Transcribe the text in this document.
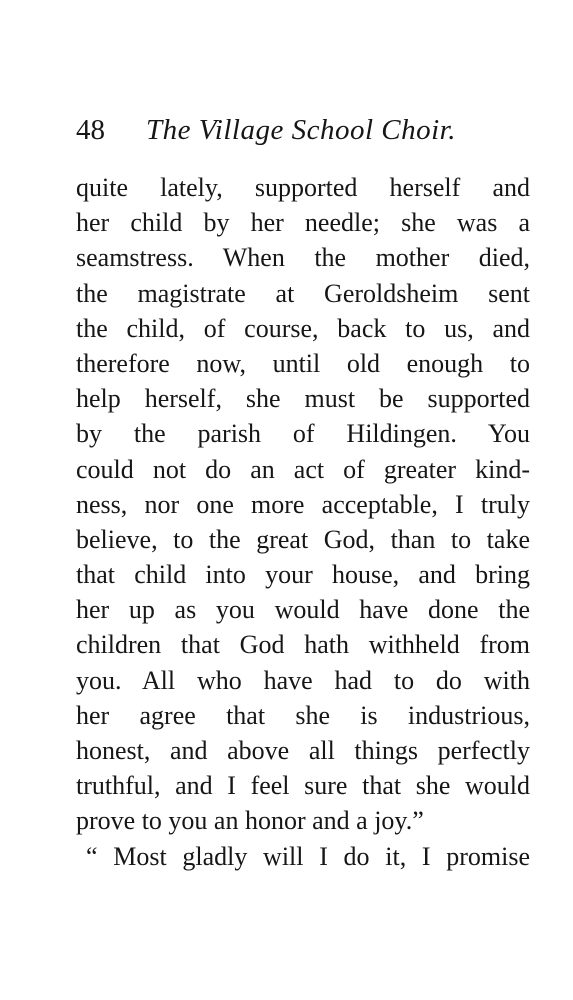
48 The Village School Choir.
quite lately, supported herself and
her child by her needle; she was a
seamstress. When the mother died,
the magistrate at Geroldsheim sent
the child, of course, back to us, and
therefore now, until old enough to
help herself, she must be supported
by the parish of Hildingen. You
could not do an act of greater kind-
ness, nor one more acceptable, I truly
believe, to the great God, than to take
that child into your house, and bring
her up as you would have done the
children that God hath withheld from
you. All who have had to do with
her agree that she is industrious,
honest, and above all things perfectly
truthful, and I feel sure that she would
prove to you an honor and a joy.”
“ Most gladly will I do it, I promise
